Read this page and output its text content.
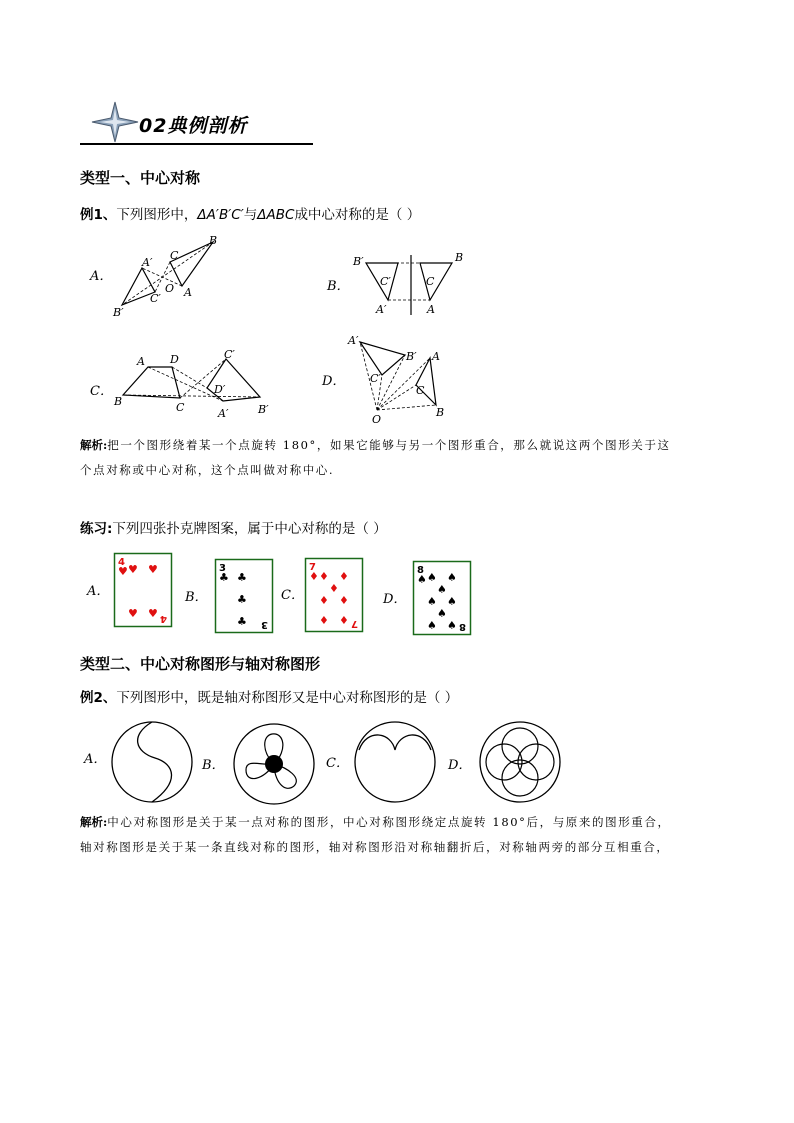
02典例剖析
类型一、中心对称
例1、下列图形中，ΔA′B′C′与ΔABC成中心对称的是（ ）
A．
B
C
A
A′
B′
C′
O	B．
B
B′
C′	C
A′	A
C．
A D
B	C
C′
D′
A′	B′
D．
A′
B′ A
C′
C
B
O
解析:把一个图形绕着某一个点旋转 180°，如果它能够与另一个图形重合，那么就说这两个图形关于这个点对称或中心对称，这个点叫做对称中心.
练习:下列四张扑克牌图案，属于中心对称的是（ ）
A．	B．	C．	D．
4
♥ ♥ ♥
♥ ♥ 4
3
♣ ♣
♣
♣ 3
7
♦ ♦ ♦
♦
♦ ♦
♦ ♦ 7
8
♠ ♠ ♠
♠
♠ ♠
♠
♠ ♠ 8
类型二、中心对称图形与轴对称图形
例2、下列图形中，既是轴对称图形又是中心对称图形的是（ ）
A．	B．	C．	D．
解析:中心对称图形是关于某一点对称的图形，中心对称图形绕定点旋转 180°后，与原来的图形重合，轴对称图形是关于某一条直线对称的图形，轴对称图形沿对称轴翻折后，对称轴两旁的部分互相重合，
